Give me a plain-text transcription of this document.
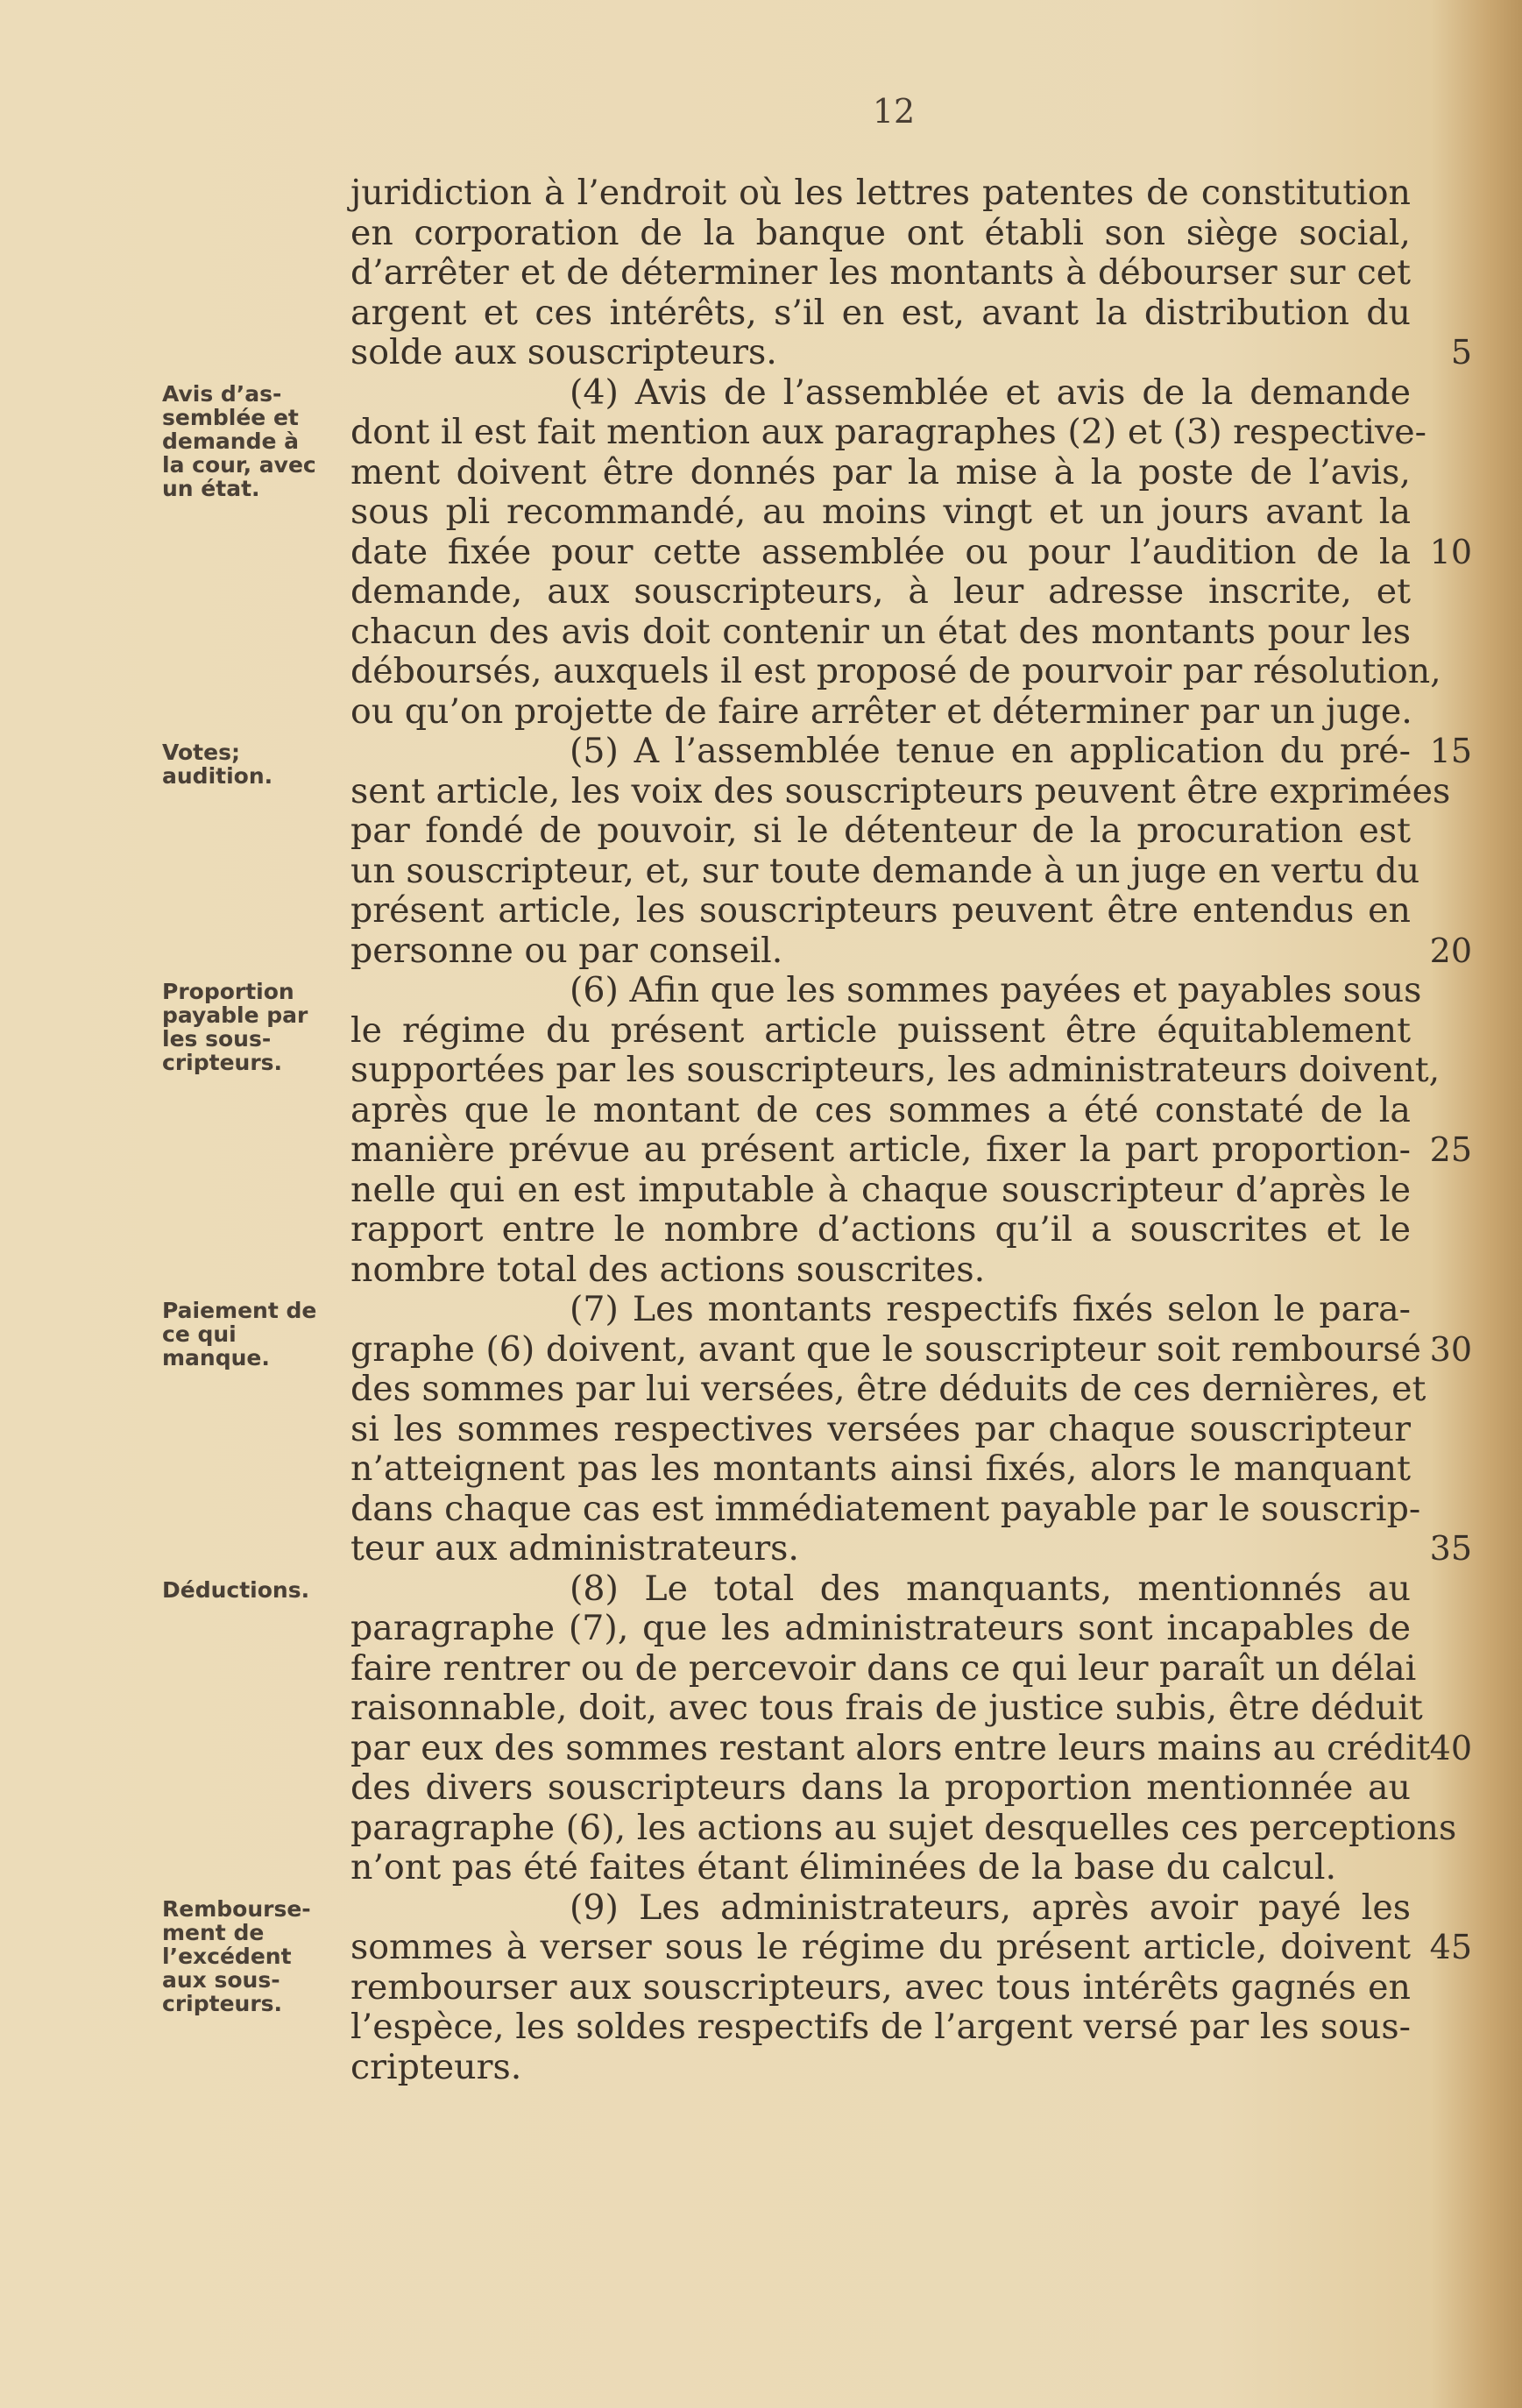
12
juridiction à l’endroit où les lettres patentes de constitution
en corporation de la banque ont établi son siège social,
d’arrêter et de déterminer les montants à débourser sur cet
argent et ces intérêts, s’il en est, avant la distribution du
solde aux souscripteurs.
(4) Avis de l’assemblée et avis de la demande
dont il est fait mention aux paragraphes (2) et (3) respective-
ment doivent être donnés par la mise à la poste de l’avis,
sous pli recommandé, au moins vingt et un jours avant la
date fixée pour cette assemblée ou pour l’audition de la
demande, aux souscripteurs, à leur adresse inscrite, et
chacun des avis doit contenir un état des montants pour les
déboursés, auxquels il est proposé de pourvoir par résolution,
ou qu’on projette de faire arrêter et déterminer par un juge.
(5) A l’assemblée tenue en application du pré-
sent article, les voix des souscripteurs peuvent être exprimées
par fondé de pouvoir, si le détenteur de la procuration est
un souscripteur, et, sur toute demande à un juge en vertu du
présent article, les souscripteurs peuvent être entendus en
personne ou par conseil.
(6) Afin que les sommes payées et payables sous
le régime du présent article puissent être équitablement
supportées par les souscripteurs, les administrateurs doivent,
après que le montant de ces sommes a été constaté de la
manière prévue au présent article, fixer la part proportion-
nelle qui en est imputable à chaque souscripteur d’après le
rapport entre le nombre d’actions qu’il a souscrites et le
nombre total des actions souscrites.
(7) Les montants respectifs fixés selon le para-
graphe (6) doivent, avant que le souscripteur soit remboursé
des sommes par lui versées, être déduits de ces dernières, et
si les sommes respectives versées par chaque souscripteur
n’atteignent pas les montants ainsi fixés, alors le manquant
dans chaque cas est immédiatement payable par le souscrip-
teur aux administrateurs.
(8) Le total des manquants, mentionnés au
paragraphe (7), que les administrateurs sont incapables de
faire rentrer ou de percevoir dans ce qui leur paraît un délai
raisonnable, doit, avec tous frais de justice subis, être déduit
par eux des sommes restant alors entre leurs mains au crédit
des divers souscripteurs dans la proportion mentionnée au
paragraphe (6), les actions au sujet desquelles ces perceptions
n’ont pas été faites étant éliminées de la base du calcul.
(9) Les administrateurs, après avoir payé les
sommes à verser sous le régime du présent article, doivent
rembourser aux souscripteurs, avec tous intérêts gagnés en
l’espèce, les soldes respectifs de l’argent versé par les sous-
cripteurs.
5
10
15
20
25
30
35
40
45
Avis d’as-
semblée et
demande à
la cour, avec
un état.
Votes;
audition.
Proportion
payable par
les sous-
cripteurs.
Paiement de
ce qui
manque.
Déductions.
Rembourse-
ment de
l’excédent
aux sous-
cripteurs.
